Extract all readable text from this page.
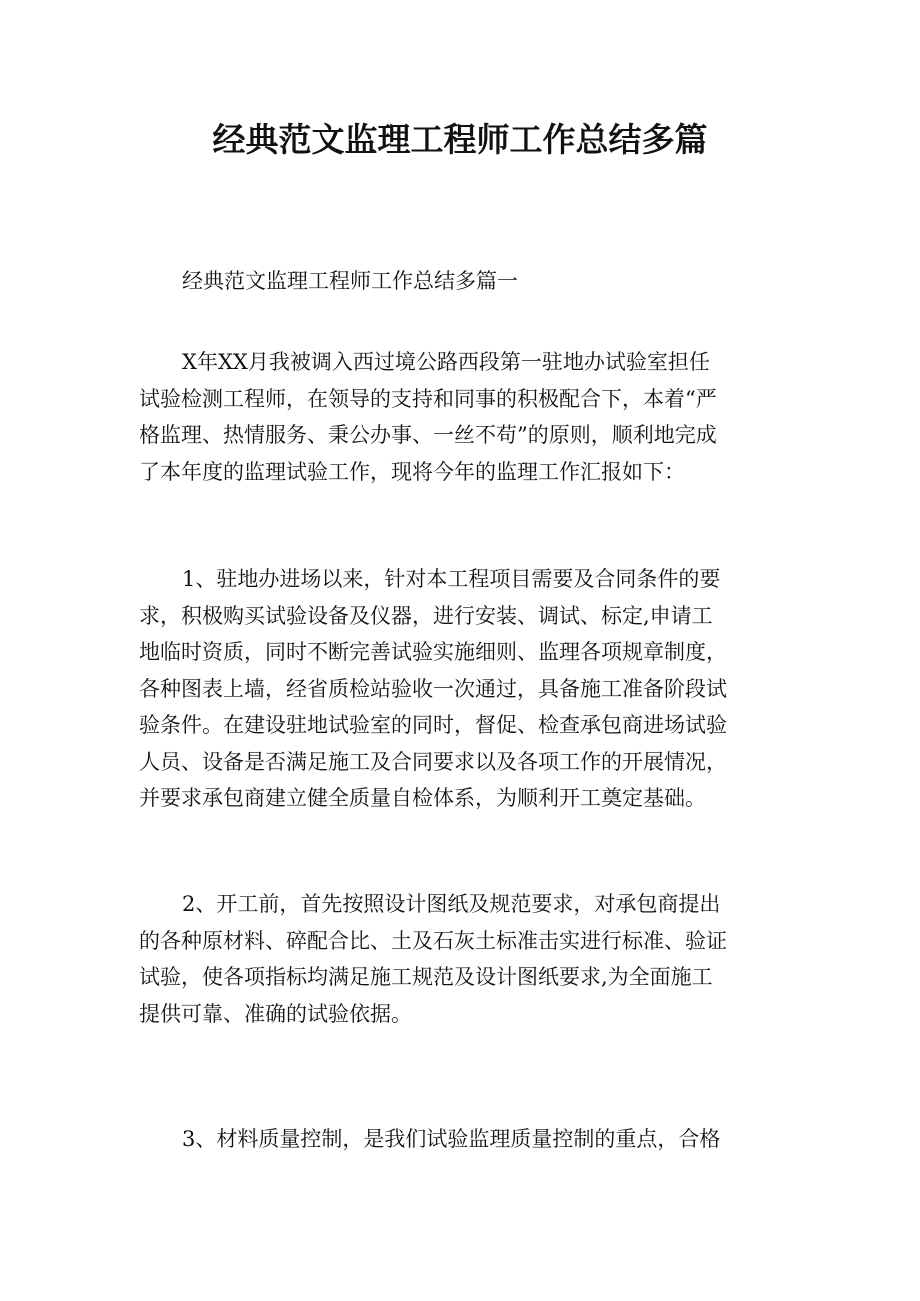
经典范文监理工程师工作总结多篇
经典范文监理工程师工作总结多篇一
X年XX月我被调入西过境公路西段第一驻地办试验室担任
试验检测工程师，在领导的支持和同事的积极配合下，本着“严
格监理、热情服务、秉公办事、一丝不苟”的原则，顺利地完成
了本年度的监理试验工作，现将今年的监理工作汇报如下：
1、驻地办进场以来，针对本工程项目需要及合同条件的要
求，积极购买试验设备及仪器，进行安装、调试、标定,申请工
地临时资质，同时不断完善试验实施细则、监理各项规章制度，
各种图表上墙，经省质检站验收一次通过，具备施工准备阶段试
验条件。在建设驻地试验室的同时，督促、检查承包商进场试验
人员、设备是否满足施工及合同要求以及各项工作的开展情况，
并要求承包商建立健全质量自检体系，为顺利开工奠定基础。
2、开工前，首先按照设计图纸及规范要求，对承包商提出
的各种原材料、碎配合比、土及石灰土标准击实进行标准、验证
试验，使各项指标均满足施工规范及设计图纸要求,为全面施工
提供可靠、准确的试验依据。
3、材料质量控制，是我们试验监理质量控制的重点，合格
